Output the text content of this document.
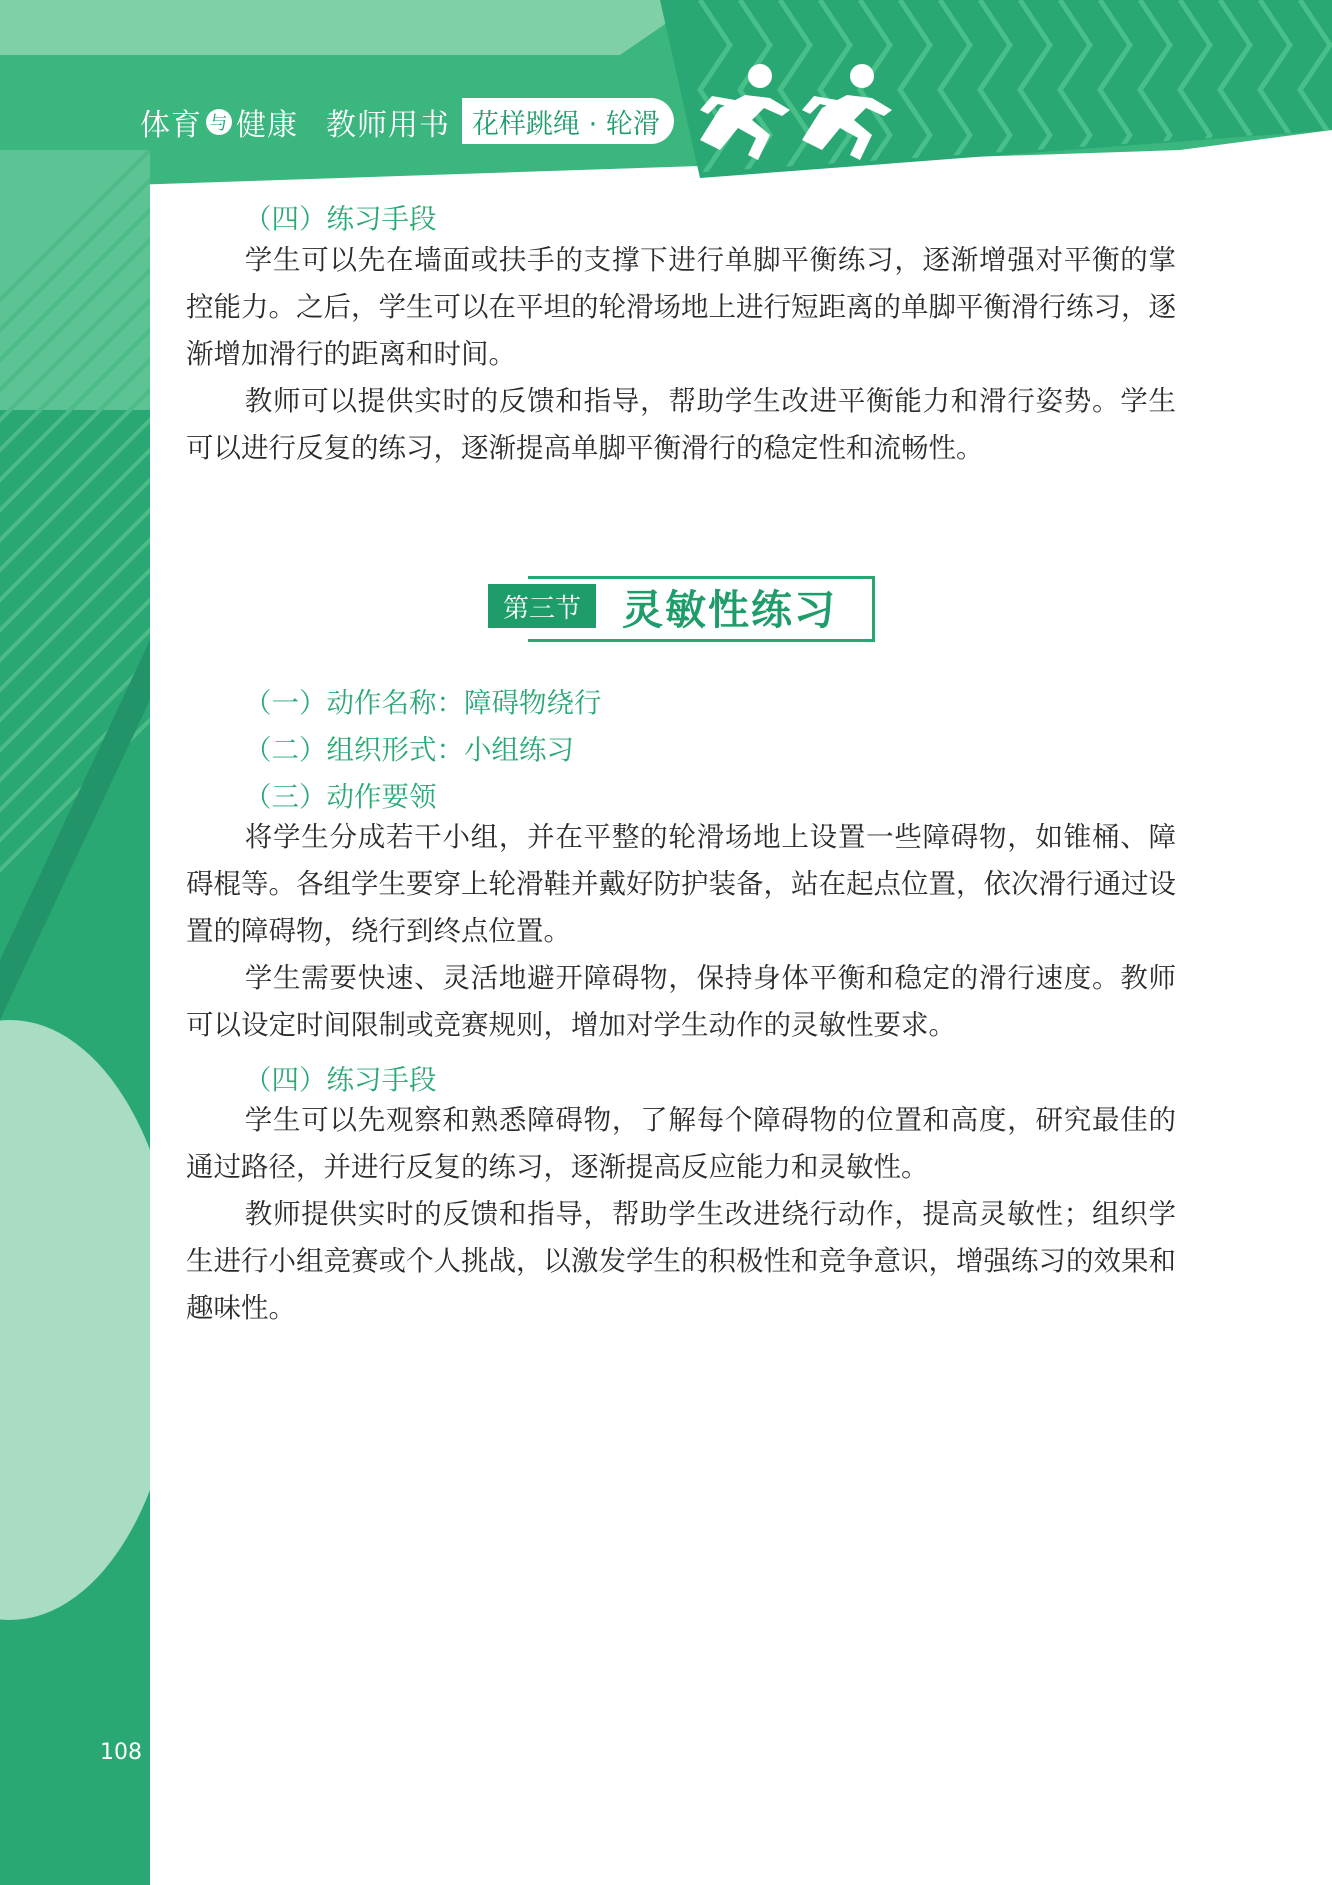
体育 与 健康 教师用书 花样跳绳 · 轮滑
（四）练习手段

学生可以先在墙面或扶手的支撑下进行单脚平衡练习，逐渐增强对平衡的掌控能力。之后，学生可以在平坦的轮滑场地上进行短距离的单脚平衡滑行练习，逐渐增加滑行的距离和时间。

教师可以提供实时的反馈和指导，帮助学生改进平衡能力和滑行姿势。学生可以进行反复的练习，逐渐提高单脚平衡滑行的稳定性和流畅性。

（一）动作名称：障碍物绕行
（二）组织形式：小组练习
（三）动作要领

将学生分成若干小组，并在平整的轮滑场地上设置一些障碍物，如锥桶、障碍棍等。各组学生要穿上轮滑鞋并戴好防护装备，站在起点位置，依次滑行通过设置的障碍物，绕行到终点位置。

学生需要快速、灵活地避开障碍物，保持身体平衡和稳定的滑行速度。教师可以设定时间限制或竞赛规则，增加对学生动作的灵敏性要求。

（四）练习手段

学生可以先观察和熟悉障碍物，了解每个障碍物的位置和高度，研究最佳的通过路径，并进行反复的练习，逐渐提高反应能力和灵敏性。

教师提供实时的反馈和指导，帮助学生改进绕行动作，提高灵敏性；组织学生进行小组竞赛或个人挑战，以激发学生的积极性和竞争意识，增强练习的效果和趣味性。

第三节	灵敏性练习
108
